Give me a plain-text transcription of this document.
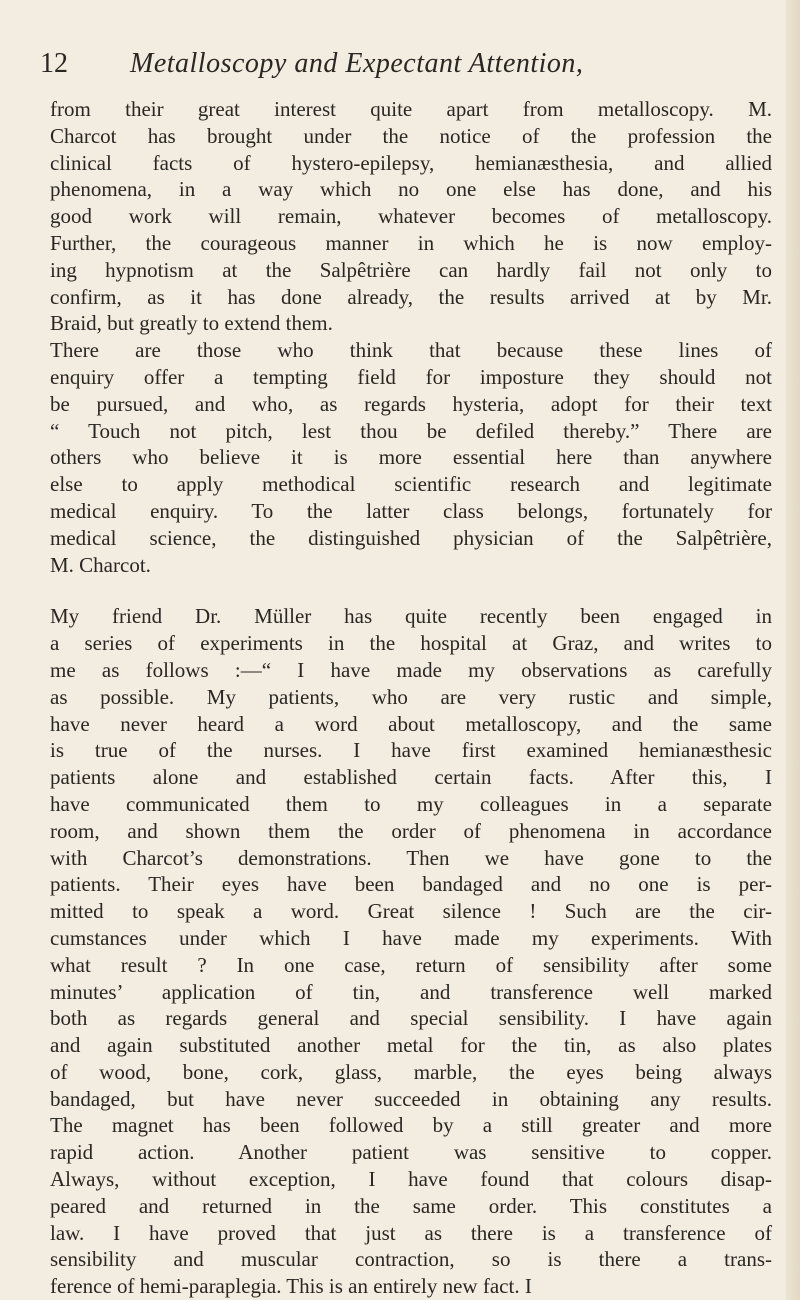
12 Metalloscopy and Expectant Attention,
from their great interest quite apart from metalloscopy. M.
Charcot has brought under the notice of the profession the
clinical facts of hystero-epilepsy, hemianæsthesia, and allied
phenomena, in a way which no one else has done, and his
good work will remain, whatever becomes of metalloscopy.
Further, the courageous manner in which he is now employ-
ing hypnotism at the Salpêtrière can hardly fail not only to
confirm, as it has done already, the results arrived at by Mr.
Braid, but greatly to extend them.
There are those who think that because these lines of
enquiry offer a tempting field for imposture they should not
be pursued, and who, as regards hysteria, adopt for their text
“ Touch not pitch, lest thou be defiled thereby.” There are
others who believe it is more essential here than anywhere
else to apply methodical scientific research and legitimate
medical enquiry. To the latter class belongs, fortunately for
medical science, the distinguished physician of the Salpêtrière,
M. Charcot.
My friend Dr. Müller has quite recently been engaged in
a series of experiments in the hospital at Graz, and writes to
me as follows :—“ I have made my observations as carefully
as possible. My patients, who are very rustic and simple,
have never heard a word about metalloscopy, and the same
is true of the nurses. I have first examined hemianæsthesic
patients alone and established certain facts. After this, I
have communicated them to my colleagues in a separate
room, and shown them the order of phenomena in accordance
with Charcot’s demonstrations. Then we have gone to the
patients. Their eyes have been bandaged and no one is per-
mitted to speak a word. Great silence ! Such are the cir-
cumstances under which I have made my experiments. With
what result ? In one case, return of sensibility after some
minutes’ application of tin, and transference well marked
both as regards general and special sensibility. I have again
and again substituted another metal for the tin, as also plates
of wood, bone, cork, glass, marble, the eyes being always
bandaged, but have never succeeded in obtaining any results.
The magnet has been followed by a still greater and more
rapid action. Another patient was sensitive to copper.
Always, without exception, I have found that colours disap-
peared and returned in the same order. This constitutes a
law. I have proved that just as there is a transference of
sensibility and muscular contraction, so is there a trans-
ference of hemi-paraplegia. This is an entirely new fact. I
